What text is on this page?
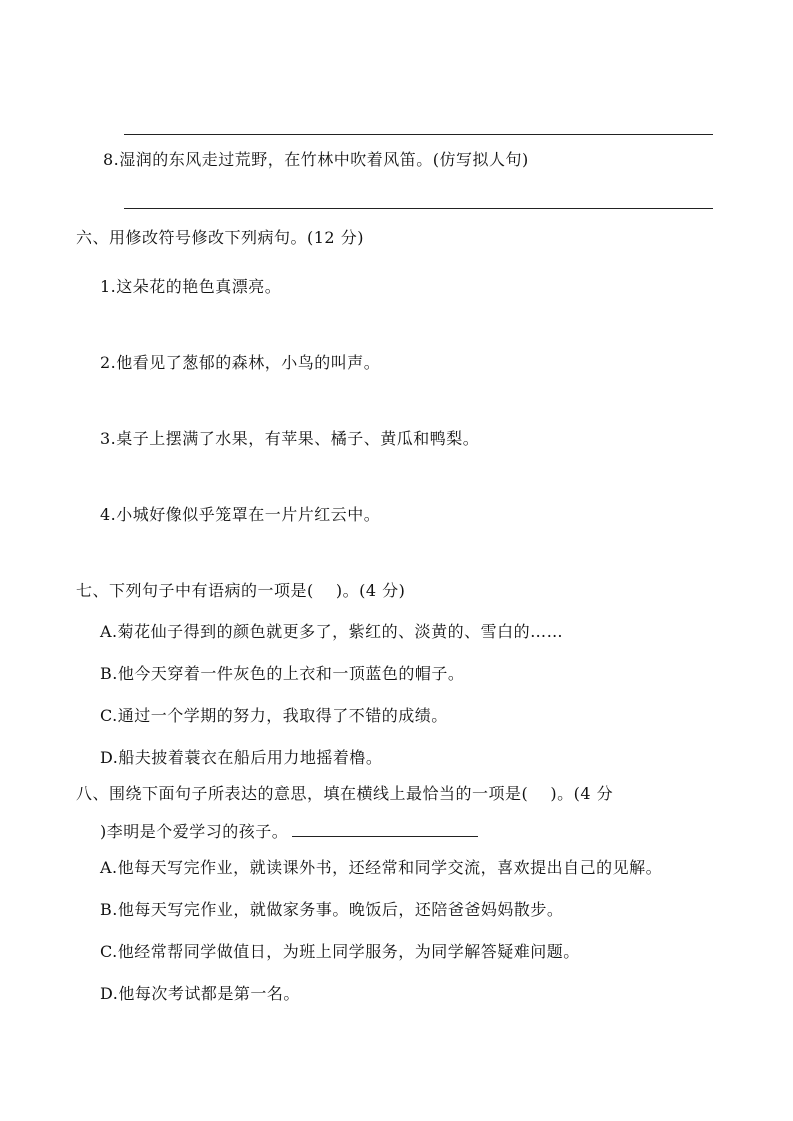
8.湿润的东风走过荒野，在竹林中吹着风笛。(仿写拟人句)
六、用修改符号修改下列病句。(12 分)
1.这朵花的艳色真漂亮。
2.他看见了葱郁的森林，小鸟的叫声。
3.桌子上摆满了水果，有苹果、橘子、黄瓜和鸭梨。
4.小城好像似乎笼罩在一片片红云中。
七、下列句子中有语病的一项是(　 )。(4 分)
A.菊花仙子得到的颜色就更多了，紫红的、淡黄的、雪白的……
B.他今天穿着一件灰色的上衣和一顶蓝色的帽子。
C.通过一个学期的努力，我取得了不错的成绩。
D.船夫披着蓑衣在船后用力地摇着橹。
八、围绕下面句子所表达的意思，填在横线上最恰当的一项是(　 )。(4 分
)李明是个爱学习的孩子。
A.他每天写完作业，就读课外书，还经常和同学交流，喜欢提出自己的见解。
B.他每天写完作业，就做家务事。晚饭后，还陪爸爸妈妈散步。
C.他经常帮同学做值日，为班上同学服务，为同学解答疑难问题。
D.他每次考试都是第一名。
